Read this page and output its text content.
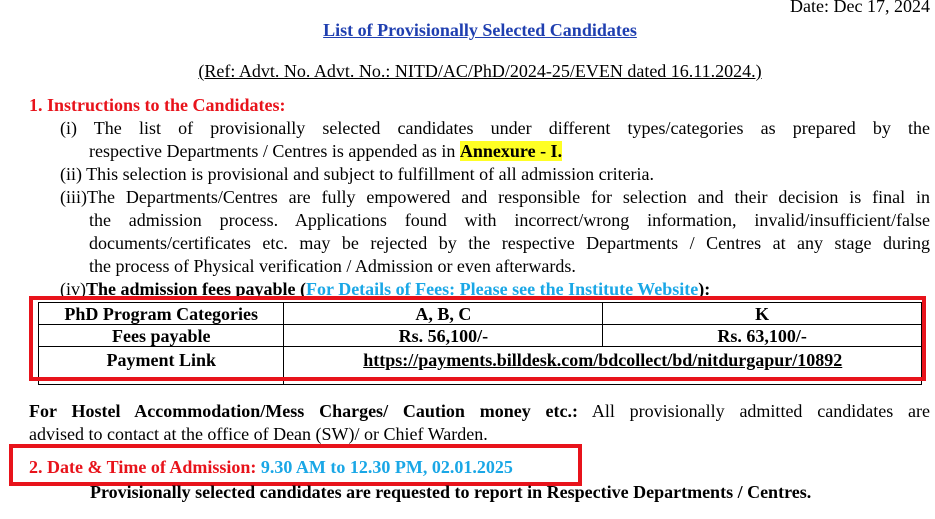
Date: Dec 17, 2024
List of Provisionally Selected Candidates
(Ref: Advt. No. Advt. No.: NITD/AC/PhD/2024-25/EVEN dated 16.11.2024.)
1. Instructions to the Candidates:
(i) The list of provisionally selected candidates under different types/categories as prepared by the
respective Departments / Centres is appended as in Annexure - I.
(ii) This selection is provisional and subject to fulfillment of all admission criteria.
(iii)The Departments/Centres are fully empowered and responsible for selection and their decision is final in
the admission process. Applications found with incorrect/wrong information, invalid/insufficient/false
documents/certificates etc. may be rejected by the respective Departments / Centres at any stage during
the process of Physical verification / Admission or even afterwards.
(iv)The admission fees payable (For Details of Fees: Please see the Institute Website):
PhD Program Categories	A, B, C	K
Fees payable	Rs. 56,100/-	Rs. 63,100/-
Payment Link	https://payments.billdesk.com/bdcollect/bd/nitdurgapur/10892	
For Hostel Accommodation/Mess Charges/ Caution money etc.: All provisionally admitted candidates are
advised to contact at the office of Dean (SW)/ or Chief Warden.
2. Date & Time of Admission: 9.30 AM to 12.30 PM, 02.01.2025
Provisionally selected candidates are requested to report in Respective Departments / Centres.
